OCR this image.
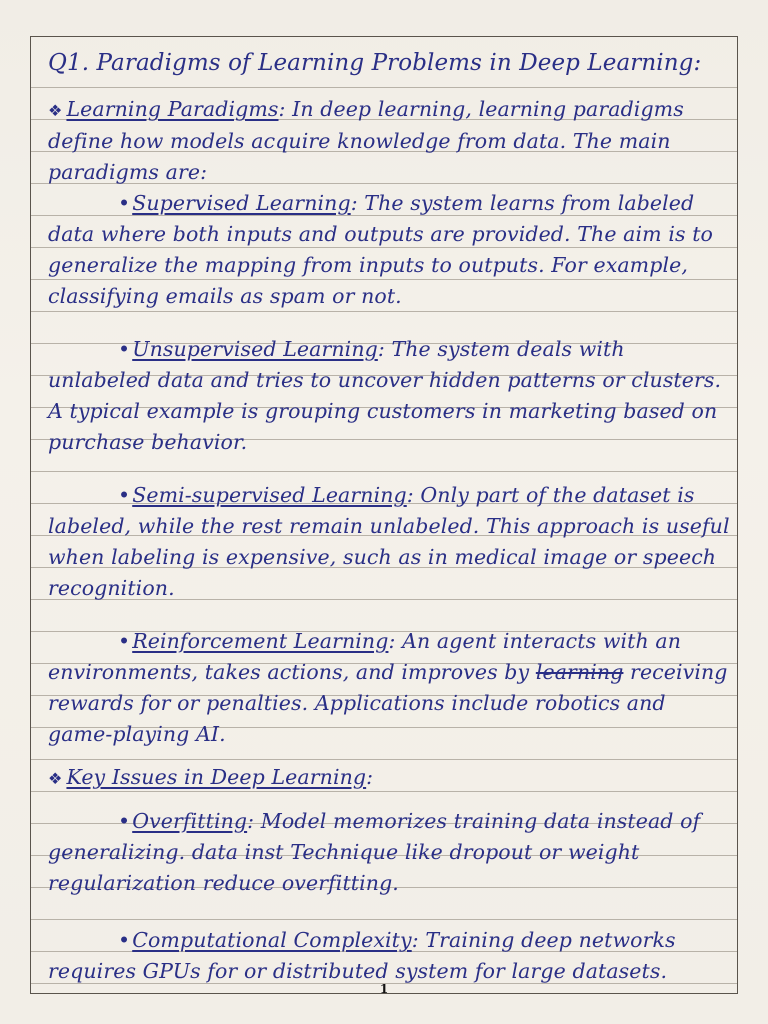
Q1. Paradigms of Learning Problems in Deep Learning:

❖ Learning Paradigms: In deep learning, learning paradigms define how models acquire knowledge from data. The main paradigms are:

•Supervised Learning: The system learns from labeled data where both inputs and outputs are provided. The aim is to generalize the mapping from inputs to outputs. For example, classifying emails as spam or not.

•Unsupervised Learning: The system deals with unlabeled data and tries to uncover hidden patterns or clusters. A typical example is grouping customers in marketing based on purchase behavior.

•Semi-supervised Learning: Only part of the dataset is labeled, while the rest remain unlabeled. This approach is useful when labeling is expensive, such as in medical image or speech recognition.

•Reinforcement Learning: An agent interacts with an environments, takes actions, and improves by learning receiving rewards for or penalties. Applications include robotics and game-playing AI.

❖ Key Issues in Deep Learning:

•Overfitting: Model memorizes training data instead of generalizing. data inst Technique like dropout or weight regularization reduce overfitting.

•Computational Complexity: Training deep networks requires GPUs for or distributed system for large datasets.

1
